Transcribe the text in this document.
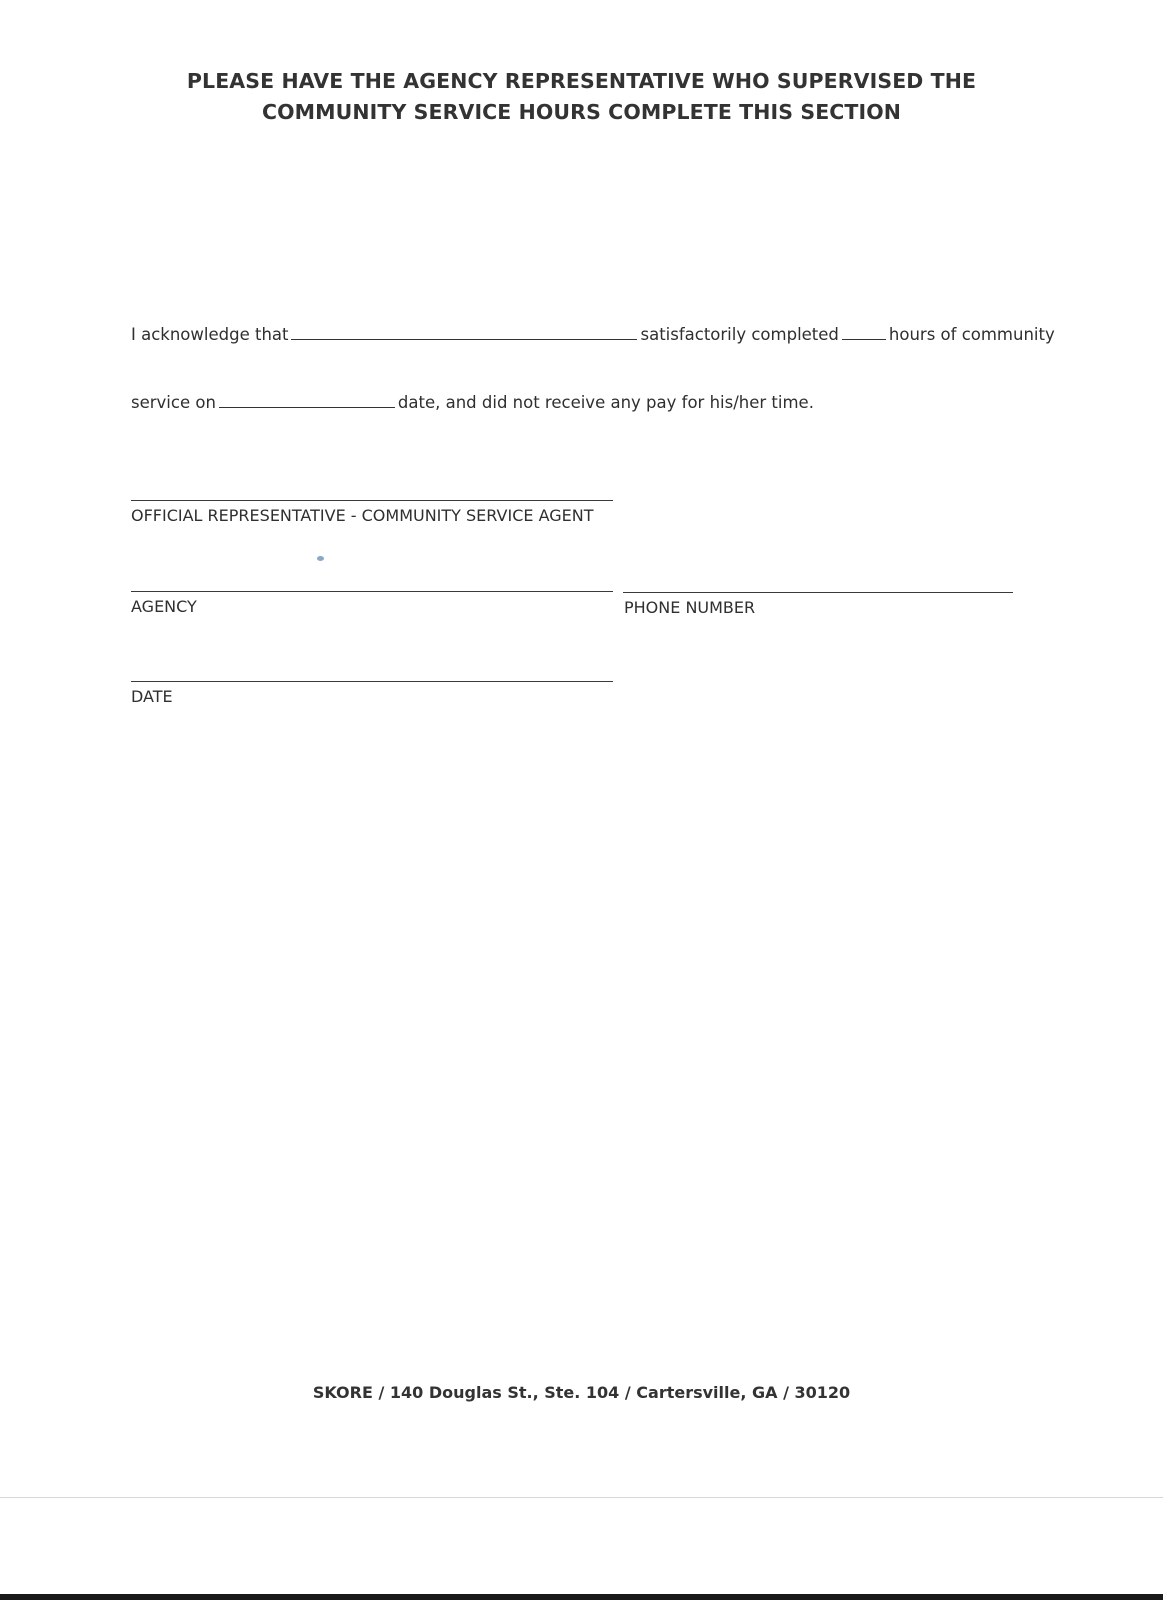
PLEASE HAVE THE AGENCY REPRESENTATIVE WHO SUPERVISED THE
COMMUNITY SERVICE HOURS COMPLETE THIS SECTION
I acknowledge that	satisfactorily completed	hours of community
service on	date, and did not receive any pay for his/her time.
OFFICIAL REPRESENTATIVE - COMMUNITY SERVICE AGENT
AGENCY	PHONE NUMBER
DATE
SKORE / 140 Douglas St., Ste. 104 / Cartersville, GA / 30120
